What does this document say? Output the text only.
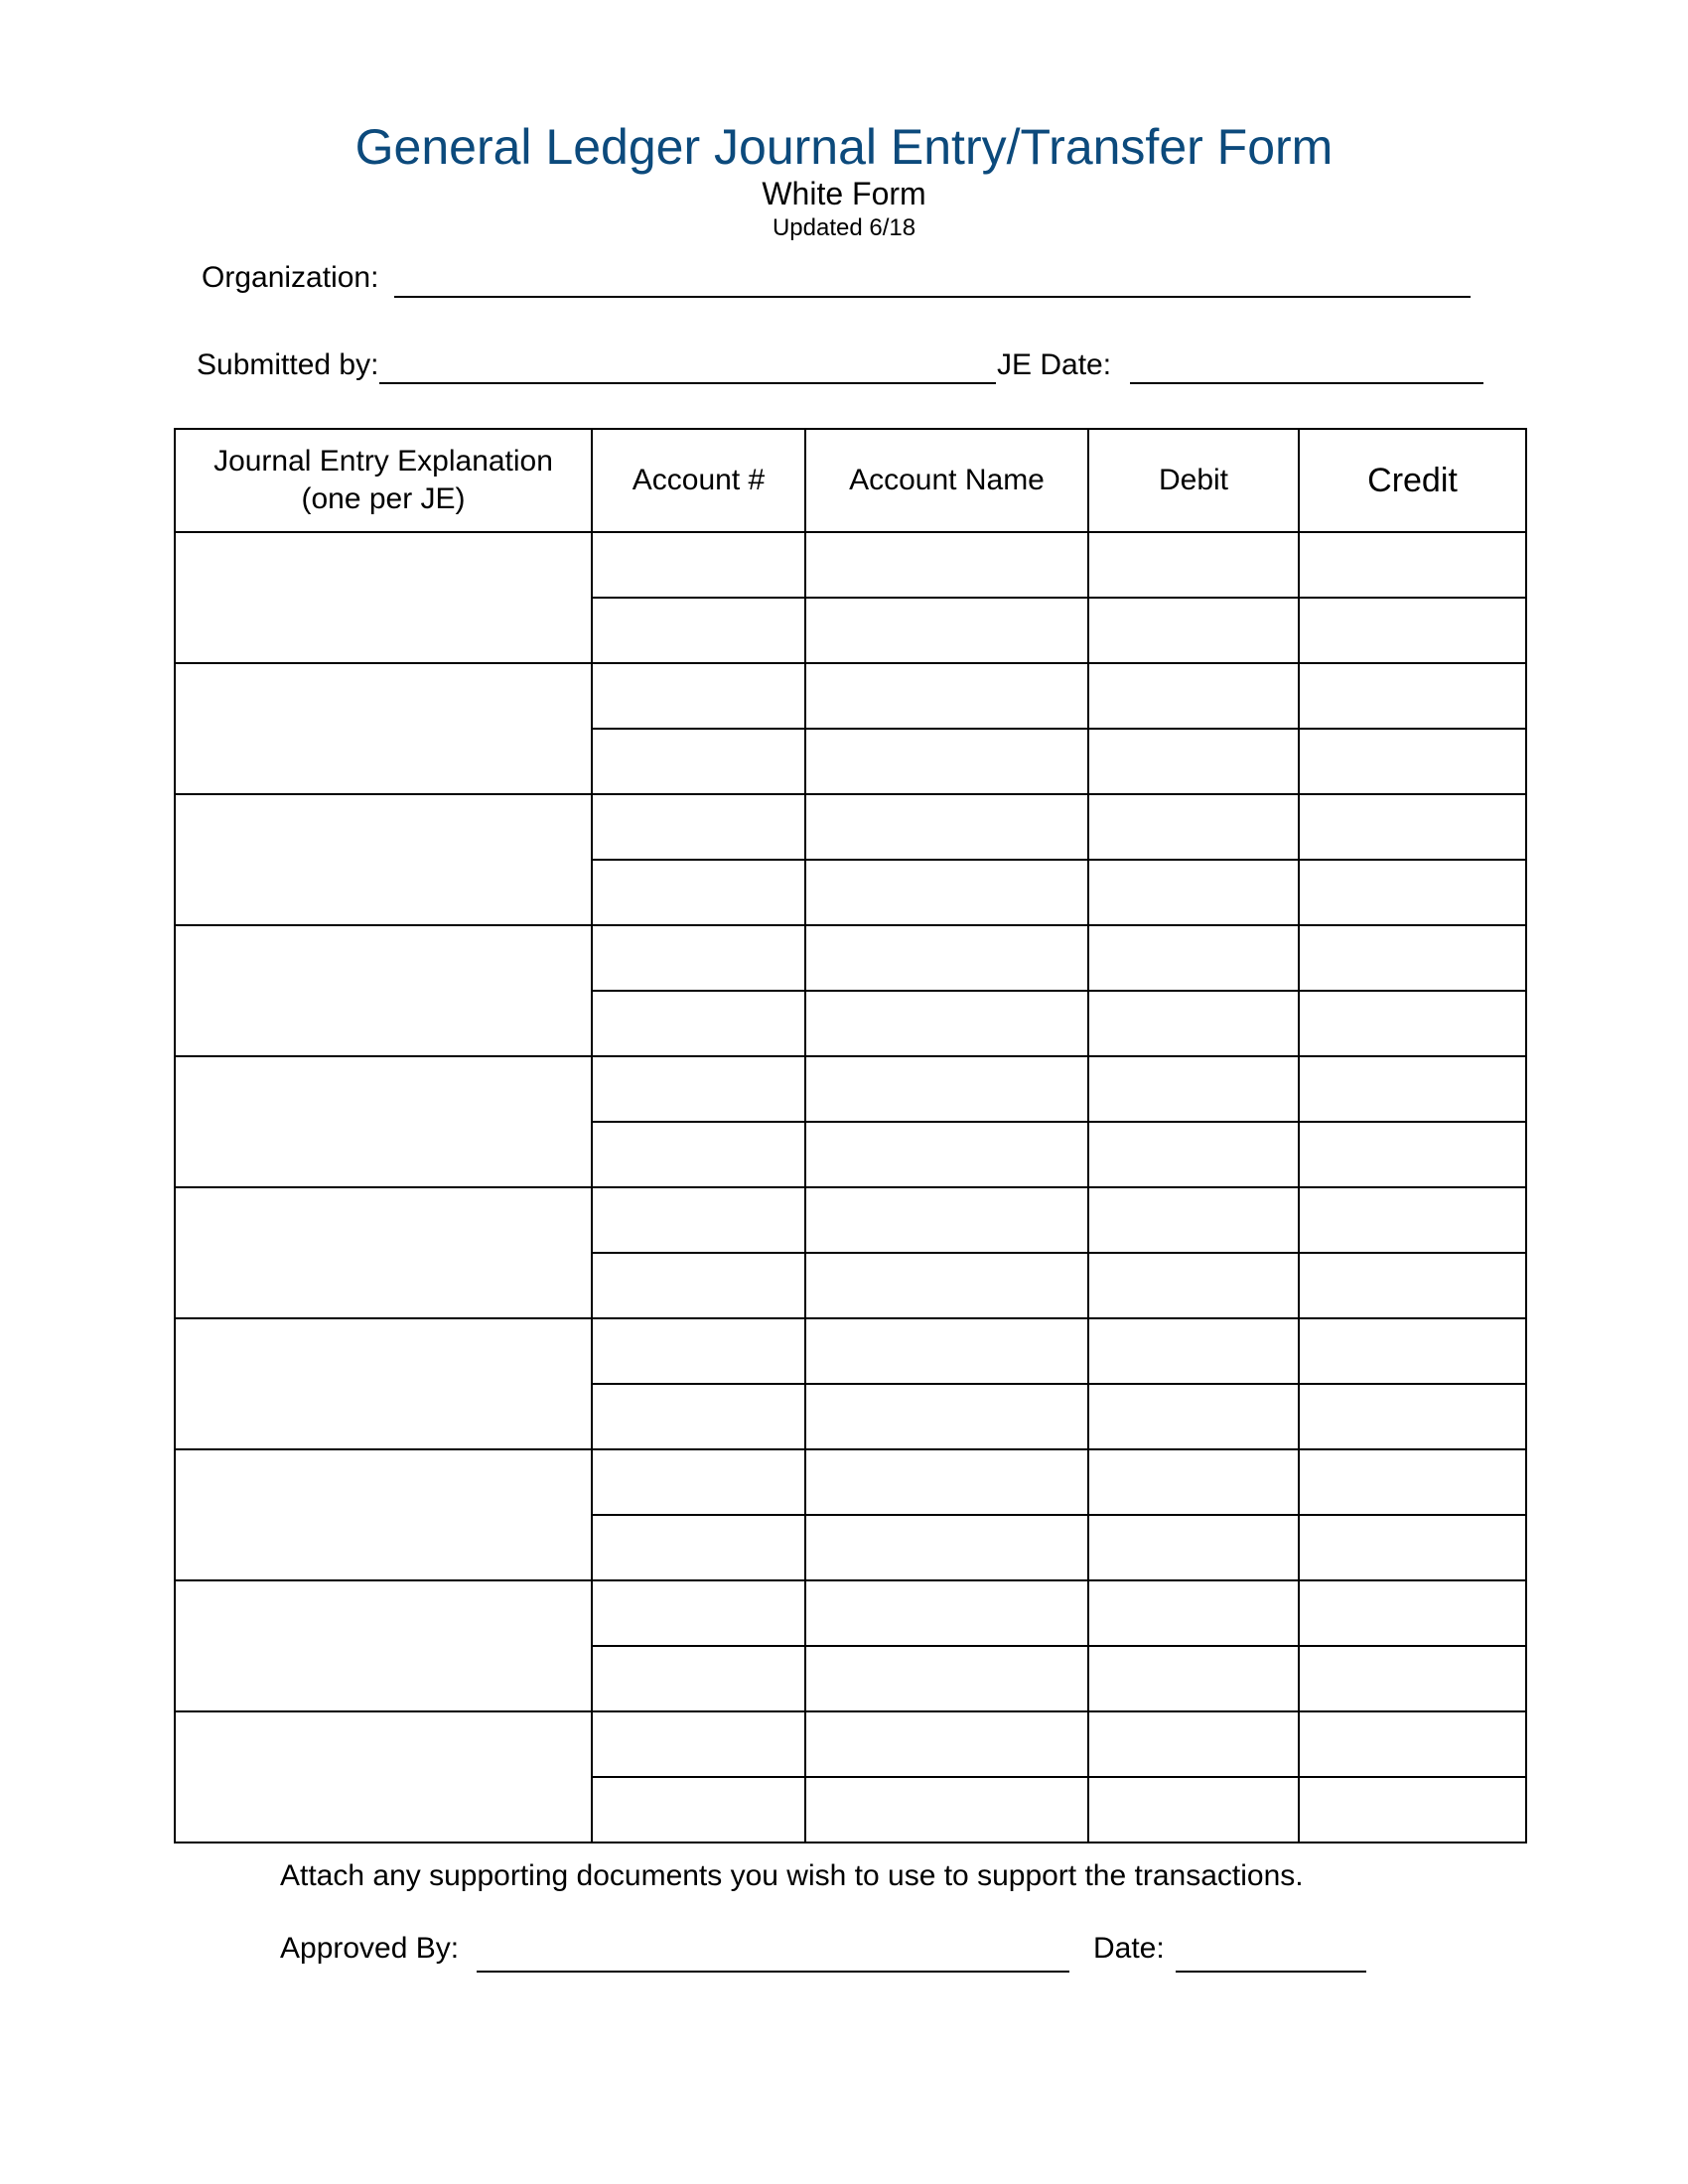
General Ledger Journal Entry/Transfer Form
White Form
Updated 6/18
Organization:
Submitted by:	JE Date:
Journal Entry Explanation
(one per JE)	Account #	Account Name	Debit	Credit

Attach any supporting documents you wish to use to support the transactions.
Approved By:	Date:
